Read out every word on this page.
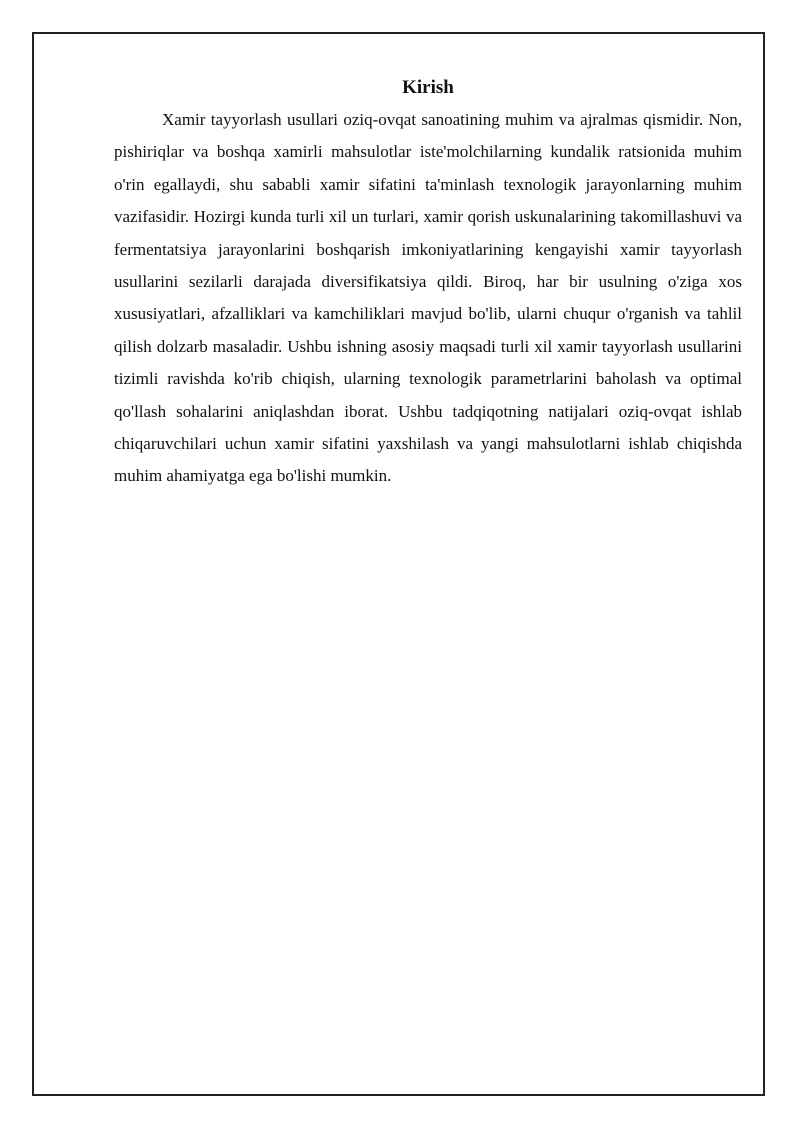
Kirish

Xamir tayyorlash usullari oziq-ovqat sanoatining muhim va ajralmas qismidir. Non, pishiriqlar va boshqa xamirli mahsulotlar iste'molchilarning kundalik ratsionida muhim o'rin egallaydi, shu sababli xamir sifatini ta'minlash texnologik jarayonlarning muhim vazifasidir. Hozirgi kunda turli xil un turlari, xamir qorish uskunalarining takomillashuvi va fermentatsiya jarayonlarini boshqarish imkoniyatlarining kengayishi xamir tayyorlash usullarini sezilarli darajada diversifikatsiya qildi. Biroq, har bir usulning o'ziga xos xususiyatlari, afzalliklari va kamchiliklari mavjud bo'lib, ularni chuqur o'rganish va tahlil qilish dolzarb masaladir. Ushbu ishning asosiy maqsadi turli xil xamir tayyorlash usullarini tizimli ravishda ko'rib chiqish, ularning texnologik parametrlarini baholash va optimal qo'llash sohalarini aniqlashdan iborat. Ushbu tadqiqotning natijalari oziq-ovqat ishlab chiqaruvchilari uchun xamir sifatini yaxshilash va yangi mahsulotlarni ishlab chiqishda muhim ahamiyatga ega bo'lishi mumkin.
